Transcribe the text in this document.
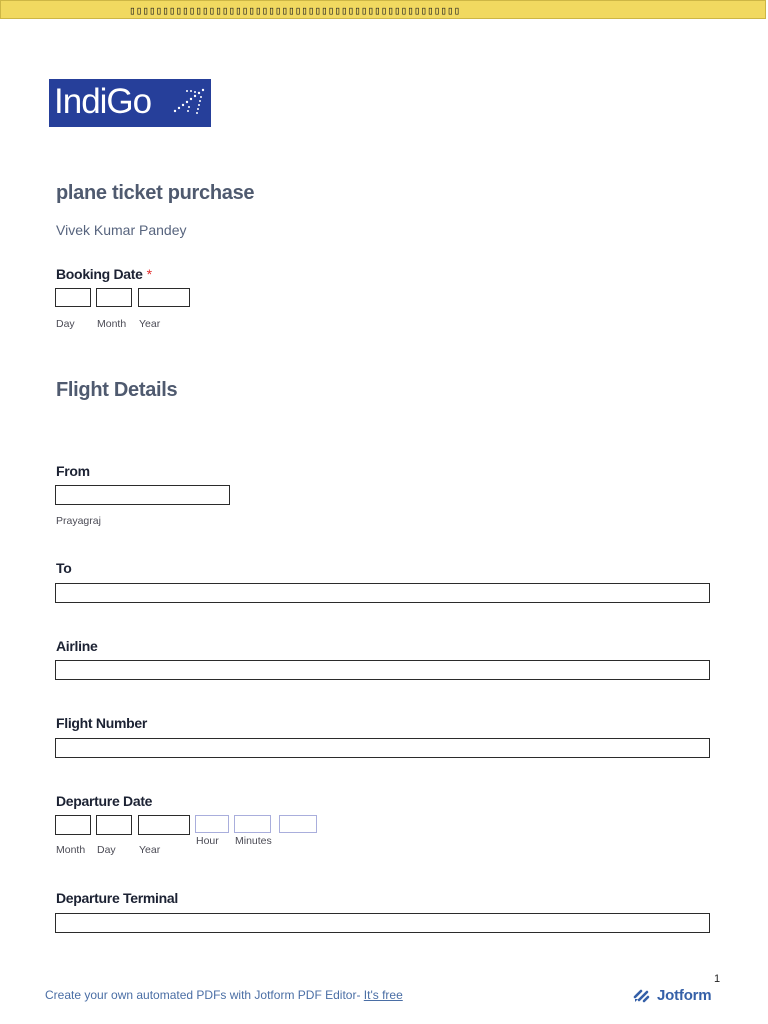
▯▯▯▯▯▯▯▯▯▯▯▯▯▯▯▯▯▯▯▯▯▯▯▯▯▯▯▯▯▯▯▯▯▯▯▯▯▯▯▯▯▯▯▯▯▯▯▯▯▯
IndiGo
plane ticket purchase
Vivek Kumar Pandey
Booking Date *
Day Month Year
Flight Details
From
Prayagraj
To
Airline
Flight Number
Departure Date
Month Day Year
Hour Minutes
Departure Terminal
1
Create your own automated PDFs with Jotform PDF Editor- It's free	Jotform
